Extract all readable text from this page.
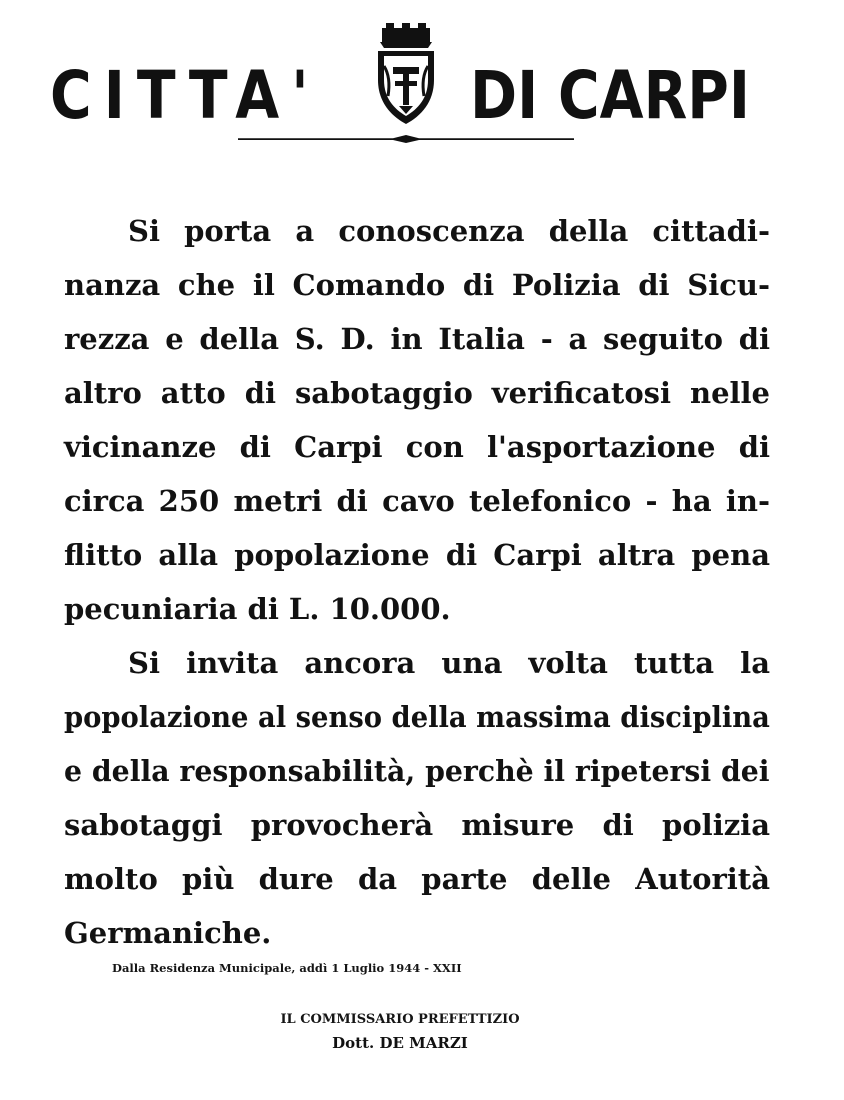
CITTA' DI CARPI
Si porta a conoscenza della cittadi-
nanza che il Comando di Polizia di Sicu-
rezza e della S. D. in Italia - a seguito di
altro atto di sabotaggio verificatosi nelle
vicinanze di Carpi con l'asportazione di
circa 250 metri di cavo telefonico - ha in-
flitto alla popolazione di Carpi altra pena
pecuniaria di L. 10.000.
Si invita ancora una volta tutta la
popolazione al senso della massima disciplina
e della responsabilità, perchè il ripetersi dei
sabotaggi provocherà misure di polizia
molto più dure da parte delle Autorità
Germaniche.

Dalla Residenza Municipale, addì 1 Luglio 1944 - XXII

IL COMMISSARIO PREFETTIZIO

Dott. DE MARZI
